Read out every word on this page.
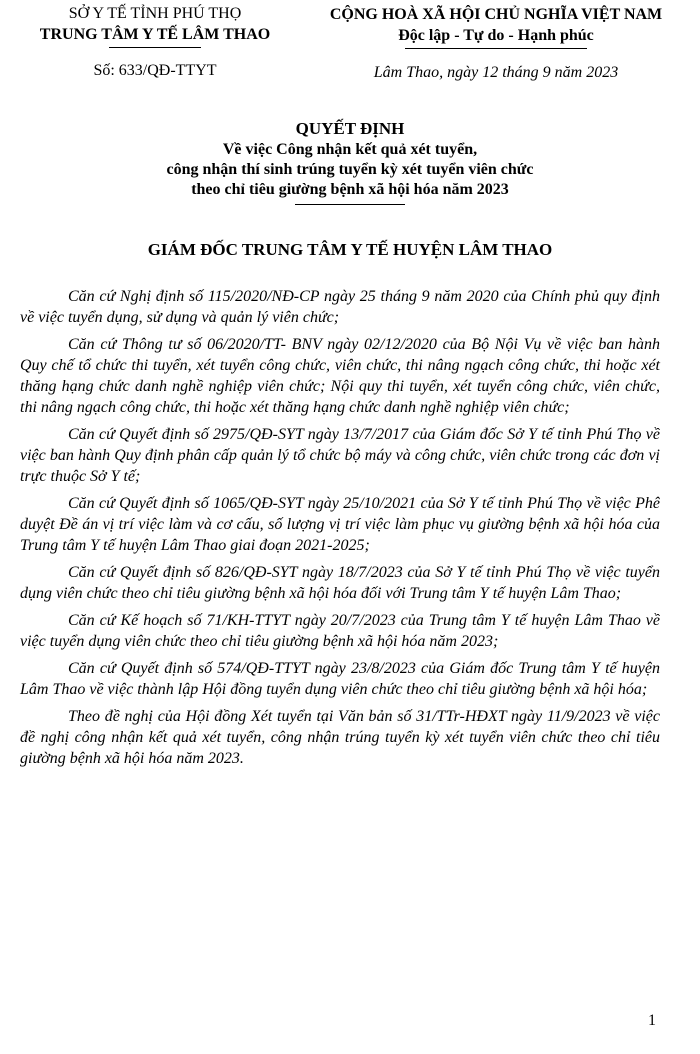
SỞ Y TẾ TỈNH PHÚ THỌ
TRUNG TÂM Y TẾ LÂM THAO
CỘNG HOÀ XÃ HỘI CHỦ NGHĨA VIỆT NAM
Độc lập - Tự do - Hạnh phúc
Số: 633/QĐ-TTYT	Lâm Thao, ngày 12 tháng 9 năm 2023
QUYẾT ĐỊNH
Về việc Công nhận kết quả xét tuyển,
công nhận thí sinh trúng tuyển kỳ xét tuyển viên chức
theo chỉ tiêu giường bệnh xã hội hóa năm 2023
GIÁM ĐỐC TRUNG TÂM Y TẾ HUYỆN LÂM THAO

Căn cứ Nghị định số 115/2020/NĐ-CP ngày 25 tháng 9 năm 2020 của Chính phủ quy định về việc tuyển dụng, sử dụng và quản lý viên chức;

Căn cứ Thông tư số 06/2020/TT- BNV ngày 02/12/2020 của Bộ Nội Vụ về việc ban hành Quy chế tổ chức thi tuyển, xét tuyển công chức, viên chức, thi nâng ngạch công chức, thi hoặc xét thăng hạng chức danh nghề nghiệp viên chức; Nội quy thi tuyển, xét tuyển công chức, viên chức, thi nâng ngạch công chức, thi hoặc xét thăng hạng chức danh nghề nghiệp viên chức;

Căn cứ Quyết định số 2975/QĐ-SYT ngày 13/7/2017 của Giám đốc Sở Y tế tỉnh Phú Thọ về việc ban hành Quy định phân cấp quản lý tổ chức bộ máy và công chức, viên chức trong các đơn vị trực thuộc Sở Y tế;

Căn cứ Quyết định số 1065/QĐ-SYT ngày 25/10/2021 của Sở Y tế tỉnh Phú Thọ về việc Phê duyệt Đề án vị trí việc làm và cơ cấu, số lượng vị trí việc làm phục vụ giường bệnh xã hội hóa của Trung tâm Y tế huyện Lâm Thao giai đoạn 2021-2025;

Căn cứ Quyết định số 826/QĐ-SYT ngày 18/7/2023 của Sở Y tế tỉnh Phú Thọ về việc tuyển dụng viên chức theo chỉ tiêu giường bệnh xã hội hóa đối với Trung tâm Y tế huyện Lâm Thao;

Căn cứ Kế hoạch số 71/KH-TTYT ngày 20/7/2023 của Trung tâm Y tế huyện Lâm Thao về việc tuyển dụng viên chức theo chỉ tiêu giường bệnh xã hội hóa năm 2023;

Căn cứ Quyết định số 574/QĐ-TTYT ngày 23/8/2023 của Giám đốc Trung tâm Y tế huyện Lâm Thao về việc thành lập Hội đồng tuyển dụng viên chức theo chỉ tiêu giường bệnh xã hội hóa;

Theo đề nghị của Hội đồng Xét tuyển tại Văn bản số 31/TTr-HĐXT ngày 11/9/2023 về việc đề nghị công nhận kết quả xét tuyển, công nhận trúng tuyển kỳ xét tuyển viên chức theo chỉ tiêu giường bệnh xã hội hóa năm 2023.

1
